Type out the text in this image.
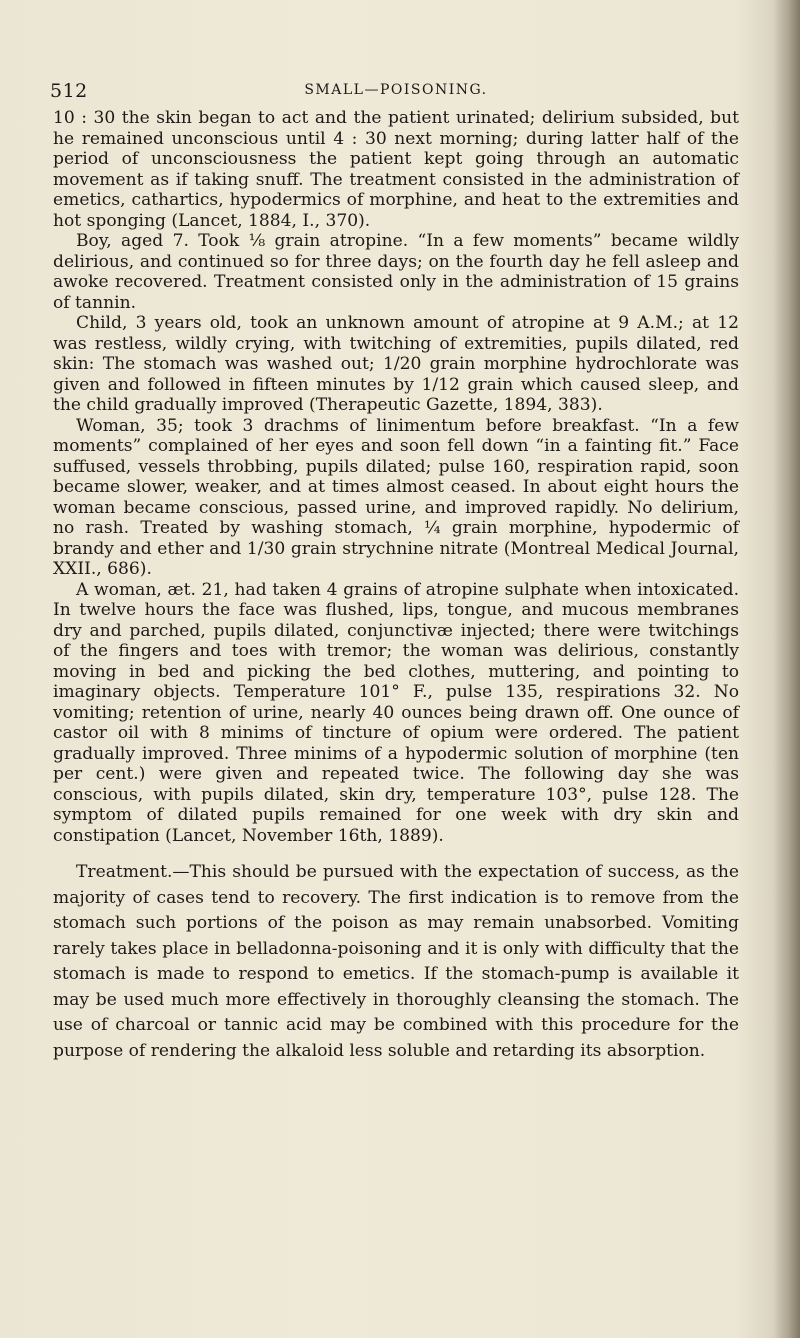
512	SMALL—POISONING.

10 : 30 the skin began to act and the patient urinated; delirium subsided, but he remained unconscious until 4 : 30 next morning; during latter half of the period of unconsciousness the patient kept going through an automatic movement as if taking snuff. The treatment consisted in the administration of emetics, cathartics, hypodermics of morphine, and heat to the extremities and hot sponging (Lancet, 1884, I., 370).

Boy, aged 7. Took ⅛ grain atropine. “In a few moments” became wildly delirious, and continued so for three days; on the fourth day he fell asleep and awoke recovered. Treatment consisted only in the administration of 15 grains of tannin.

Child, 3 years old, took an unknown amount of atropine at 9 A.M.; at 12 was restless, wildly crying, with twitching of extremities, pupils dilated, red skin: The stomach was washed out; 1/20 grain morphine hydrochlorate was given and followed in fifteen minutes by 1/12 grain which caused sleep, and the child gradually improved (Therapeutic Gazette, 1894, 383).

Woman, 35; took 3 drachms of linimentum before breakfast. “In a few moments” complained of her eyes and soon fell down “in a fainting fit.” Face suffused, vessels throbbing, pupils dilated; pulse 160, respiration rapid, soon became slower, weaker, and at times almost ceased. In about eight hours the woman became conscious, passed urine, and improved rapidly. No delirium, no rash. Treated by washing stomach, ¼ grain morphine, hypodermic of brandy and ether and 1/30 grain strychnine nitrate (Montreal Medical Journal, XXII., 686).

A woman, æt. 21, had taken 4 grains of atropine sulphate when intoxicated. In twelve hours the face was flushed, lips, tongue, and mucous membranes dry and parched, pupils dilated, conjunctivæ injected; there were twitchings of the fingers and toes with tremor; the woman was delirious, constantly moving in bed and picking the bed clothes, muttering, and pointing to imaginary objects. Temperature 101° F., pulse 135, respirations 32. No vomiting; retention of urine, nearly 40 ounces being drawn off. One ounce of castor oil with 8 minims of tincture of opium were ordered. The patient gradually improved. Three minims of a hypodermic solution of morphine (ten per cent.) were given and repeated twice. The following day she was conscious, with pupils dilated, skin dry, temperature 103°, pulse 128. The symptom of dilated pupils remained for one week with dry skin and constipation (Lancet, November 16th, 1889).

Treatment.—This should be pursued with the expectation of success, as the majority of cases tend to recovery. The first indication is to remove from the stomach such portions of the poison as may remain unabsorbed. Vomiting rarely takes place in belladonna-poisoning and it is only with difficulty that the stomach is made to respond to emetics. If the stomach-pump is available it may be used much more effectively in thoroughly cleansing the stomach. The use of charcoal or tannic acid may be combined with this procedure for the purpose of rendering the alkaloid less soluble and retarding its absorption.
